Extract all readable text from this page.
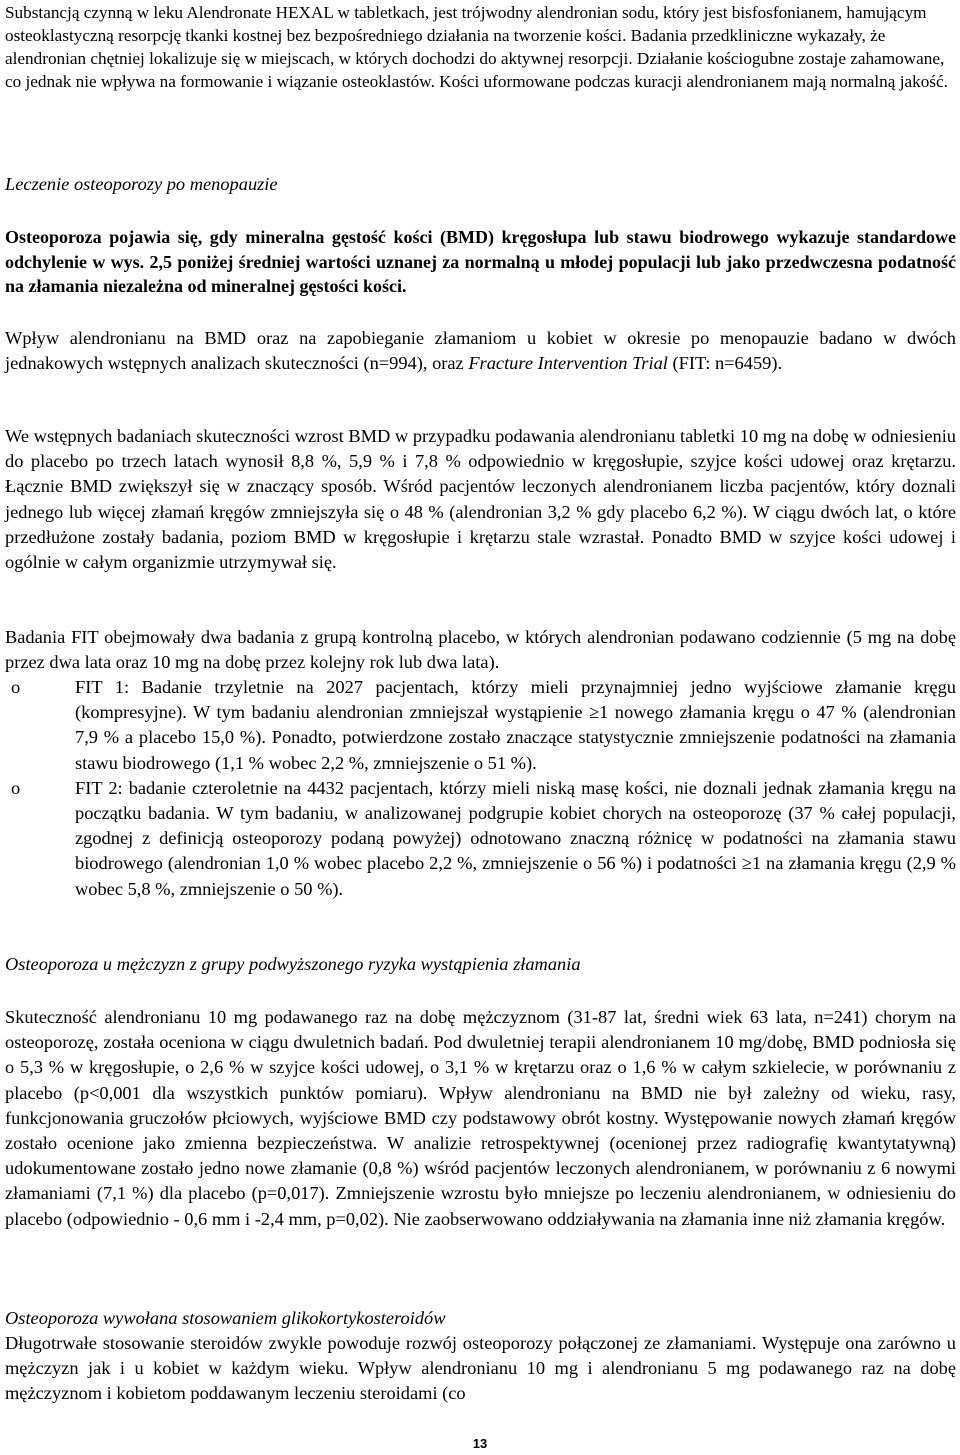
Substancją czynną w leku Alendronate HEXAL w tabletkach, jest trójwodny alendronian sodu, który jest bisfosfonianem, hamującym osteoklastyczną resorpcję tkanki kostnej bez bezpośredniego działania na tworzenie kości. Badania przedkliniczne wykazały, że alendronian chętniej lokalizuje się w miejscach, w których dochodzi do aktywnej resorpcji. Działanie kościogubne zostaje zahamowane, co jednak nie wpływa na formowanie i wiązanie osteoklastów. Kości uformowane podczas kuracji alendronianem mają normalną jakość.

Leczenie osteoporozy po menopauzie

Osteoporoza pojawia się, gdy mineralna gęstość kości (BMD) kręgosłupa lub stawu biodrowego wykazuje standardowe odchylenie w wys. 2,5 poniżej średniej wartości uznanej za normalną u młodej populacji lub jako przedwczesna podatność na złamania niezależna od mineralnej gęstości kości.

Wpływ alendronianu na BMD oraz na zapobieganie złamaniom u kobiet w okresie po menopauzie badano w dwóch jednakowych wstępnych analizach skuteczności (n=994), oraz Fracture Intervention Trial (FIT: n=6459).

We wstępnych badaniach skuteczności wzrost BMD w przypadku podawania alendronianu tabletki 10 mg na dobę w odniesieniu do placebo po trzech latach wynosił 8,8 %, 5,9 % i 7,8 % odpowiednio w kręgosłupie, szyjce kości udowej oraz krętarzu. Łącznie BMD zwiększył się w znaczący sposób. Wśród pacjentów leczonych alendronianem liczba pacjentów, który doznali jednego lub więcej złamań kręgów zmniejszyła się o 48 % (alendronian 3,2 % gdy placebo 6,2 %). W ciągu dwóch lat, o które przedłużone zostały badania, poziom BMD w kręgosłupie i krętarzu stale wzrastał. Ponadto BMD w szyjce kości udowej i ogólnie w całym organizmie utrzymywał się.

Badania FIT obejmowały dwa badania z grupą kontrolną placebo, w których alendronian podawano codziennie (5 mg na dobę przez dwa lata oraz 10 mg na dobę przez kolejny rok lub dwa lata).

o	FIT 1: Badanie trzyletnie na 2027 pacjentach, którzy mieli przynajmniej jedno wyjściowe złamanie kręgu (kompresyjne). W tym badaniu alendronian zmniejszał wystąpienie ≥1 nowego złamania kręgu o 47 % (alendronian 7,9 % a placebo 15,0 %). Ponadto, potwierdzone zostało znaczące statystycznie zmniejszenie podatności na złamania stawu biodrowego (1,1 % wobec 2,2 %, zmniejszenie o 51 %).
o	FIT 2: badanie czteroletnie na 4432 pacjentach, którzy mieli niską masę kości, nie doznali jednak złamania kręgu na początku badania. W tym badaniu, w analizowanej podgrupie kobiet chorych na osteoporozę (37 % całej populacji, zgodnej z definicją osteoporozy podaną powyżej) odnotowano znaczną różnicę w podatności na złamania stawu biodrowego (alendronian 1,0 % wobec placebo 2,2 %, zmniejszenie o 56 %) i podatności ≥1 na złamania kręgu (2,9 % wobec 5,8 %, zmniejszenie o 50 %).

Osteoporoza u mężczyzn z grupy podwyższonego ryzyka wystąpienia złamania

Skuteczność alendronianu 10 mg podawanego raz na dobę mężczyznom (31-87 lat, średni wiek 63 lata, n=241) chorym na osteoporozę, została oceniona w ciągu dwuletnich badań. Pod dwuletniej terapii alendronianem 10 mg/dobę, BMD podniosła się o 5,3 % w kręgosłupie, o 2,6 % w szyjce kości udowej, o 3,1 % w krętarzu oraz o 1,6 % w całym szkielecie, w porównaniu z placebo (p<0,001 dla wszystkich punktów pomiaru). Wpływ alendronianu na BMD nie był zależny od wieku, rasy, funkcjonowania gruczołów płciowych, wyjściowe BMD czy podstawowy obrót kostny. Występowanie nowych złamań kręgów zostało ocenione jako zmienna bezpieczeństwa. W analizie retrospektywnej (ocenionej przez radiografię kwantytatywną) udokumentowane zostało jedno nowe złamanie (0,8 %) wśród pacjentów leczonych alendronianem, w porównaniu z 6 nowymi złamaniami (7,1 %) dla placebo (p=0,017). Zmniejszenie wzrostu było mniejsze po leczeniu alendronianem, w odniesieniu do placebo (odpowiednio - 0,6 mm i -2,4 mm, p=0,02). Nie zaobserwowano oddziaływania na złamania inne niż złamania kręgów.

Osteoporoza wywołana stosowaniem glikokortykosteroidów

Długotrwałe stosowanie steroidów zwykle powoduje rozwój osteoporozy połączonej ze złamaniami. Występuje ona zarówno u mężczyzn jak i u kobiet w każdym wieku. Wpływ alendronianu 10 mg i alendronianu 5 mg podawanego raz na dobę mężczyznom i kobietom poddawanym leczeniu steroidami (co

13
